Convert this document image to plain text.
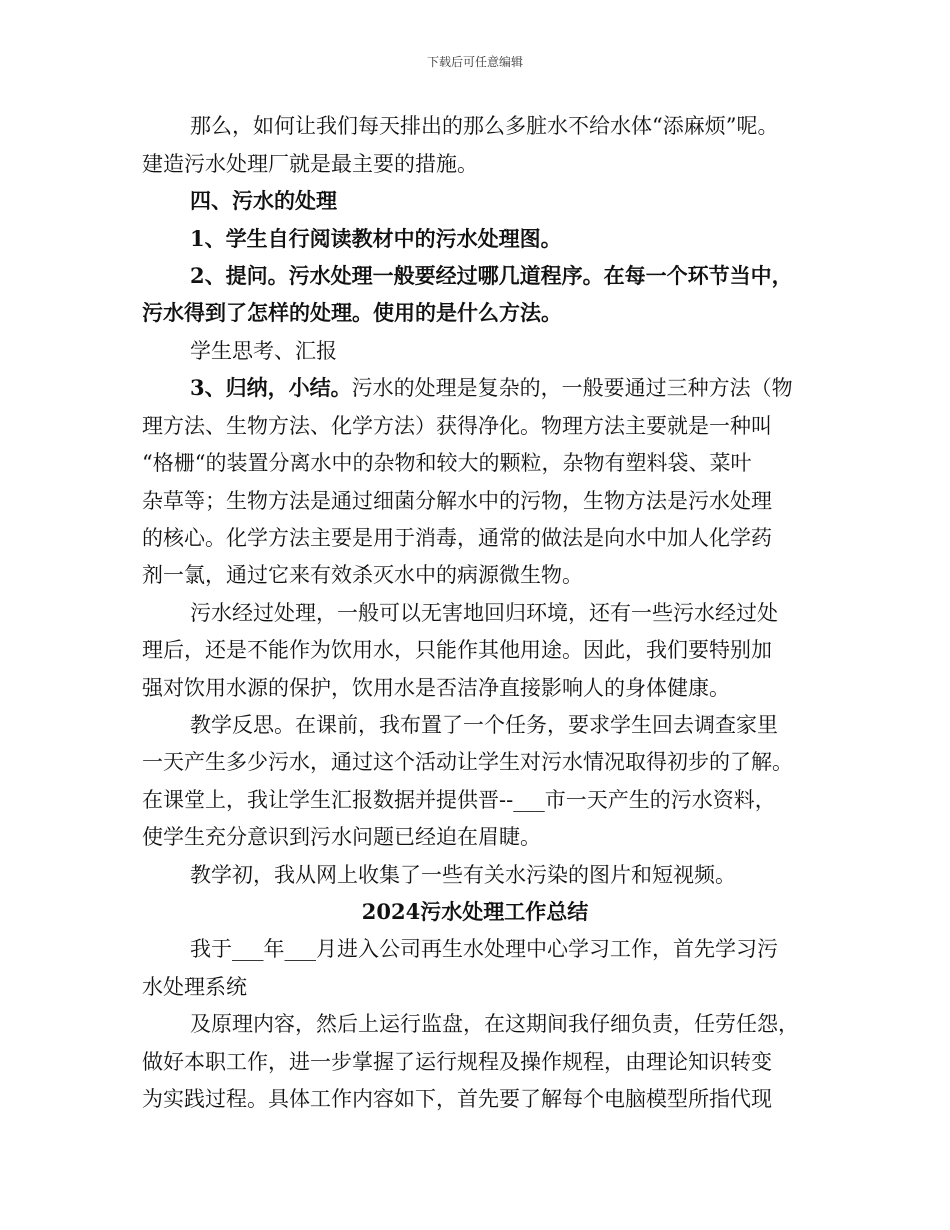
下载后可任意编辑
那么，如何让我们每天排出的那么多脏水不给水体“添麻烦”呢。
建造污水处理厂就是最主要的措施。
四、污水的处理
1、学生自行阅读教材中的污水处理图。
2、提问。污水处理一般要经过哪几道程序。在每一个环节当中，
污水得到了怎样的处理。使用的是什么方法。
学生思考、汇报
3、归纳，小结。污水的处理是复杂的，一般要通过三种方法（物
理方法、生物方法、化学方法）获得净化。物理方法主要就是一种叫
“格栅“的装置分离水中的杂物和较大的颗粒，杂物有塑料袋、菜叶
杂草等；生物方法是通过细菌分解水中的污物，生物方法是污水处理
的核心。化学方法主要是用于消毒，通常的做法是向水中加人化学药
剂一氯，通过它来有效杀灭水中的病源微生物。
污水经过处理，一般可以无害地回归环境，还有一些污水经过处
理后，还是不能作为饮用水，只能作其他用途。因此，我们要特别加
强对饮用水源的保护，饮用水是否洁净直接影响人的身体健康。
教学反思。在课前，我布置了一个任务，要求学生回去调查家里
一天产生多少污水，通过这个活动让学生对污水情况取得初步的了解。
在课堂上，我让学生汇报数据并提供晋--___市一天产生的污水资料，
使学生充分意识到污水问题已经迫在眉睫。
教学初，我从网上收集了一些有关水污染的图片和短视频。
2024污水处理工作总结
我于___年___月进入公司再生水处理中心学习工作，首先学习污
水处理系统
及原理内容，然后上运行监盘，在这期间我仔细负责，任劳任怨，
做好本职工作，进一步掌握了运行规程及操作规程，由理论知识转变
为实践过程。具体工作内容如下，首先要了解每个电脑模型所指代现
